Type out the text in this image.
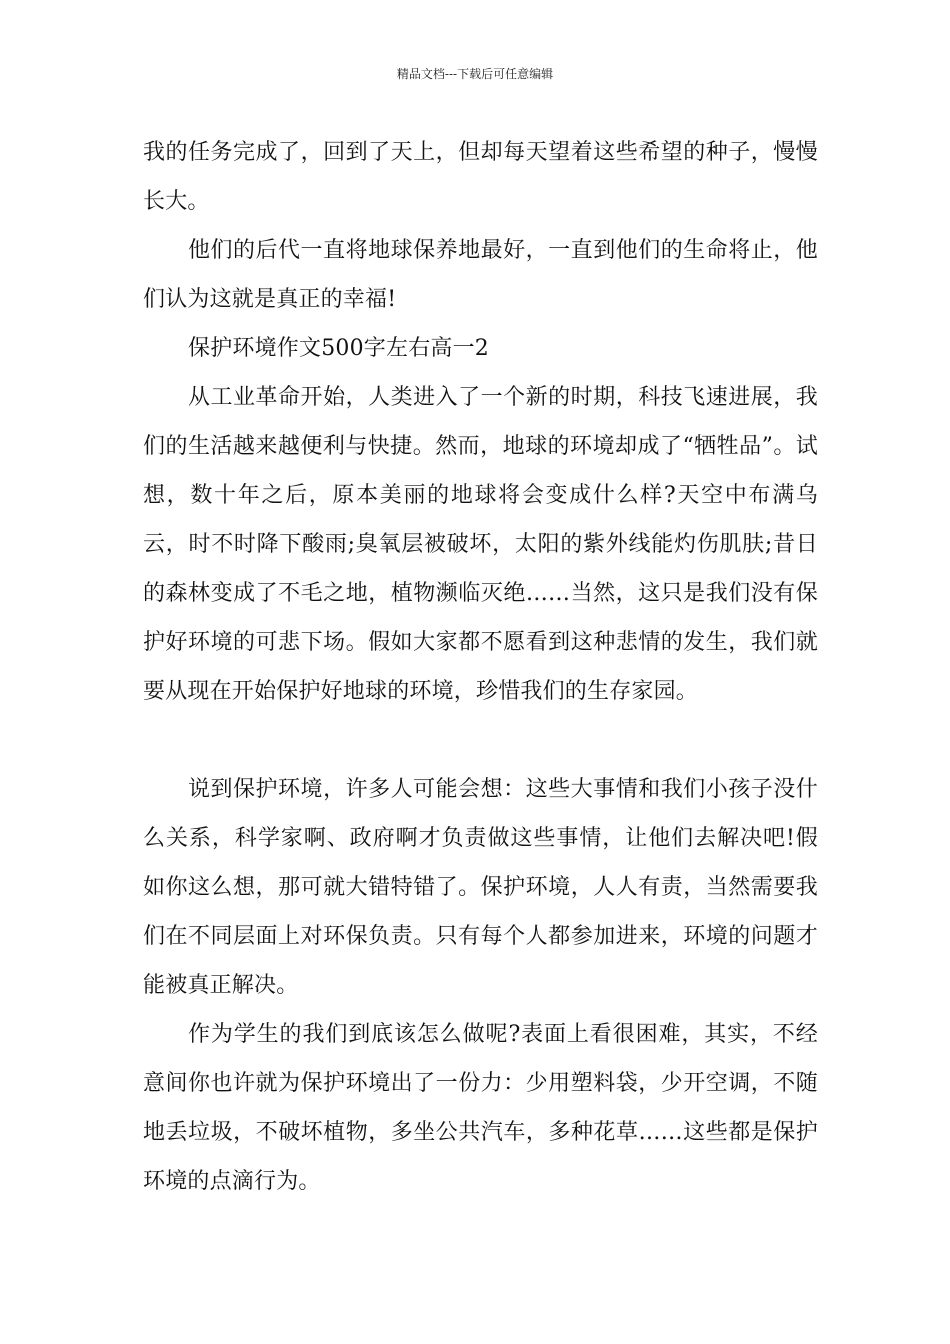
精品文档---下载后可任意编辑

我的任务完成了，回到了天上，但却每天望着这些希望的种子，慢慢长大。

他们的后代一直将地球保养地最好，一直到他们的生命将止，他们认为这就是真正的幸福!

保护环境作文500字左右高一2

从工业革命开始，人类进入了一个新的时期，科技飞速进展，我们的生活越来越便利与快捷。然而，地球的环境却成了“牺牲品”。试想，数十年之后，原本美丽的地球将会变成什么样?天空中布满乌云，时不时降下酸雨;臭氧层被破坏，太阳的紫外线能灼伤肌肤;昔日的森林变成了不毛之地，植物濒临灭绝……当然，这只是我们没有保护好环境的可悲下场。假如大家都不愿看到这种悲情的发生，我们就要从现在开始保护好地球的环境，珍惜我们的生存家园。

说到保护环境，许多人可能会想：这些大事情和我们小孩子没什么关系，科学家啊、政府啊才负责做这些事情，让他们去解决吧!假如你这么想，那可就大错特错了。保护环境，人人有责，当然需要我们在不同层面上对环保负责。只有每个人都参加进来，环境的问题才能被真正解决。

作为学生的我们到底该怎么做呢?表面上看很困难，其实，不经意间你也许就为保护环境出了一份力：少用塑料袋，少开空调，不随地丢垃圾，不破坏植物，多坐公共汽车，多种花草……这些都是保护环境的点滴行为。
